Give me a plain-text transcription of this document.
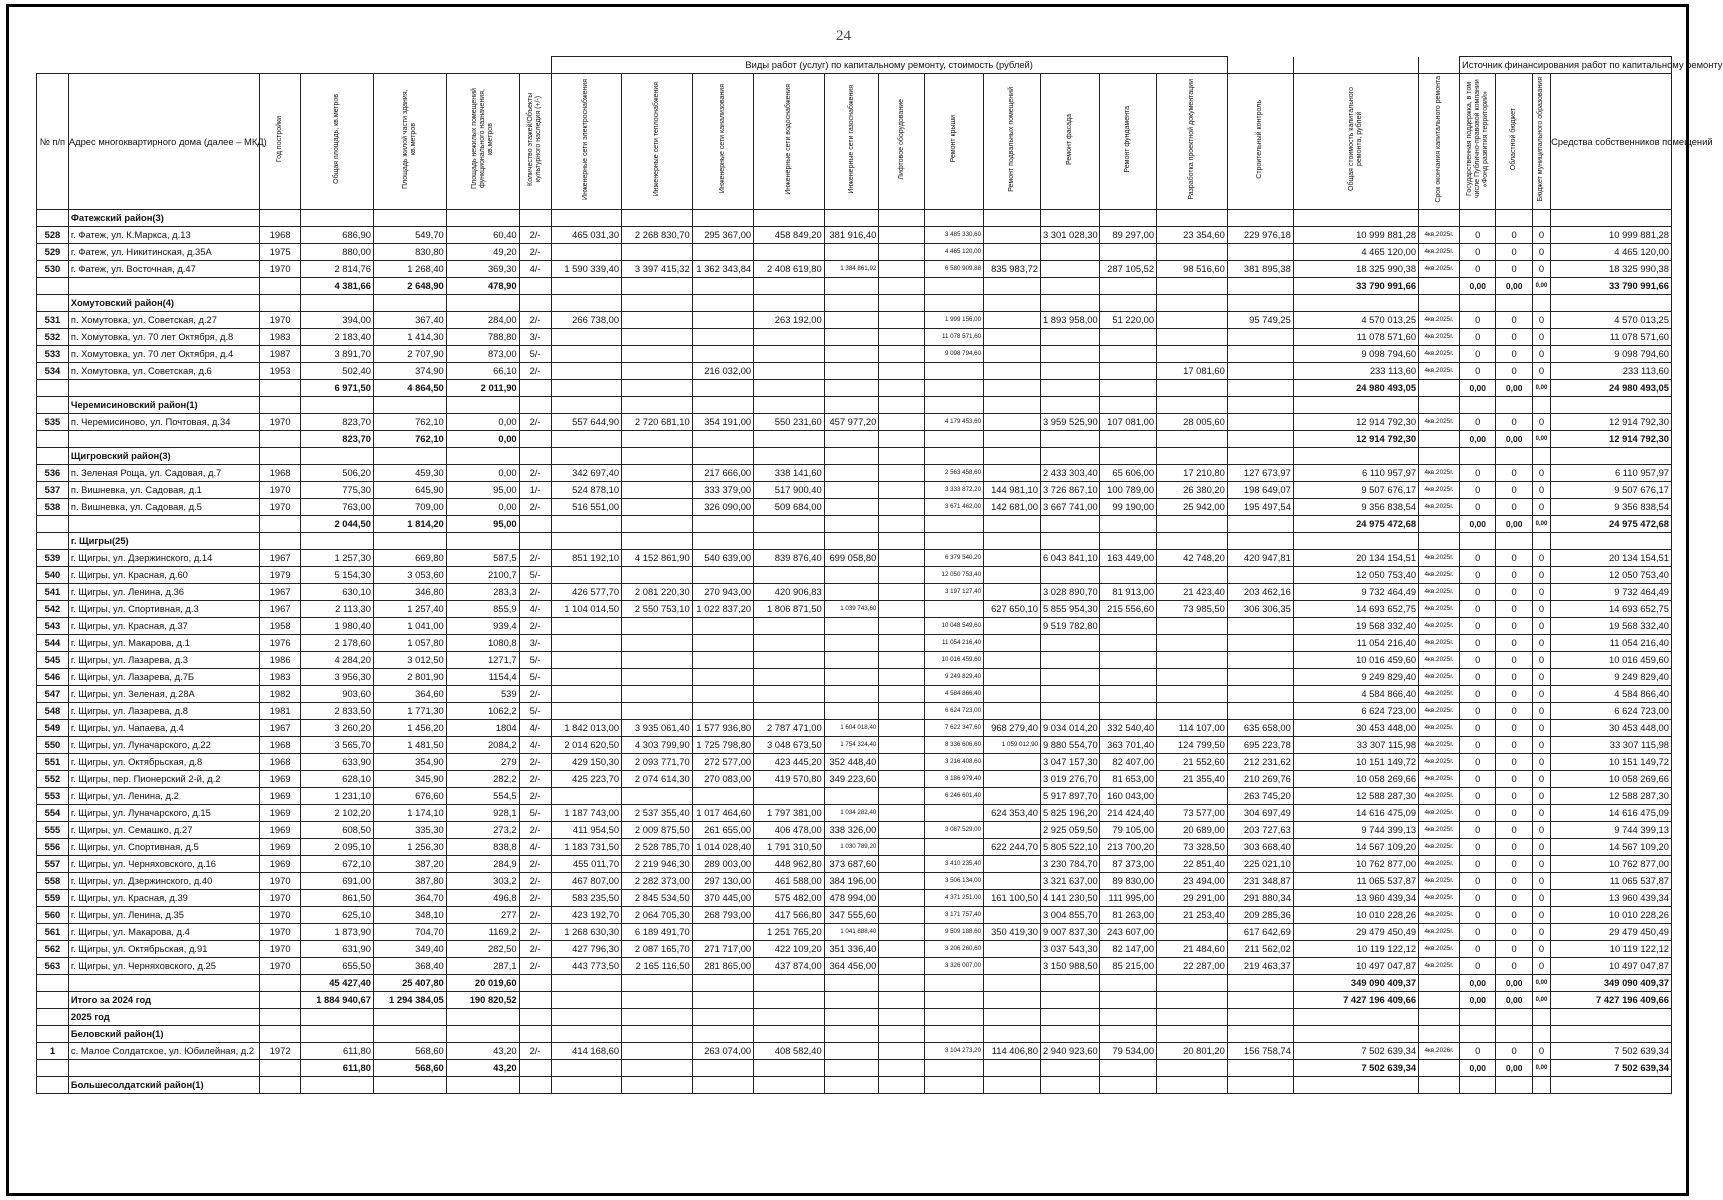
24
							Виды работ (услуг) по капитальному ремонту, стоимость (рублей)														Источник финансирования работ по капитальному ремонту			
№ п/п	Адрес многоквартирного дома (далее – МКД)	Год постройки	Общая площадь, кв.метров	Площадь жилой части здания, кв.метров	Площадь нежилых помещений функционального назначения, кв.метров	Количество этажей/Объекты культурного наследия (+/-)	Инженерные сети электроснабжения	Инженерные сети теплоснабжения	Инженерные сети канализования	Инженерные сети водоснабжения	Инженерные сети газоснабжения	Лифтовое оборудование	Ремонт крыши	Ремонт подвальных помещений	Ремонт фасада	Ремонт фундамента	Разработка проектной документации	Строительный контроль	Общая стоимость капитального ремонта, рублей	Срок окончания капитального ремонта	Государственная поддержка, в том числе Публично-правовой компании «Фонд развития территорий»	Областной бюджет	Бюджет муниципального образования	Средства собственников помещений
	Фатежский район(3)																							
528	г. Фатеж, ул. К.Маркса, д.13	1968	686,90	549,70	60,40	2/-	465 031,30	2 268 830,70	295 367,00	458 849,20	381 916,40		3 485 330,60		3 301 028,30	89 297,00	23 354,60	229 976,18	10 999 881,28	4кв.2025г.	0	0	0	10 999 881,28
529	г. Фатеж, ул. Никитинская, д.35А	1975	880,00	830,80	49,20	2/-							4 465 120,00						4 465 120,00	4кв.2025г.	0	0	0	4 465 120,00
530	г. Фатеж, ул. Восточная, д.47	1970	2 814,76	1 268,40	369,30	4/-	1 590 339,40	3 397 415,32	1 362 343,84	2 408 619,80	1 384 861,92		6 580 909,88	835 983,72		287 105,52	98 516,60	381 895,38	18 325 990,38	4кв.2025г.	0	0	0	18 325 990,38
			4 381,66	2 648,90	478,90														33 790 991,66		0,00	0,00	0,00	33 790 991,66
	Хомутовский район(4)																							
531	п. Хомутовка, ул. Советская, д.27	1970	394,00	367,40	284,00	2/-	266 738,00			263 192,00			1 999 156,00		1 893 958,00	51 220,00		95 749,25	4 570 013,25	4кв.2025г.	0	0	0	4 570 013,25
532	п. Хомутовка, ул. 70 лет Октября, д.8	1983	2 183,40	1 414,30	788,80	3/-							11 078 571,60						11 078 571,60	4кв.2025г.	0	0	0	11 078 571,60
533	п. Хомутовка, ул. 70 лет Октября, д.4	1987	3 891,70	2 707,90	873,00	5/-							9 098 794,60						9 098 794,60	4кв.2025г.	0	0	0	9 098 794,60
534	п. Хомутовка, ул. Советская, д.6	1953	502,40	374,90	66,10	2/-			216 032,00								17 081,60		233 113,60	4кв.2025г.	0	0	0	233 113,60
			6 971,50	4 864,50	2 011,90														24 980 493,05		0,00	0,00	0,00	24 980 493,05
	Черемисиновский район(1)																							
535	п. Черемисиново, ул. Почтовая, д.34	1970	823,70	762,10	0,00	2/-	557 644,90	2 720 681,10	354 191,00	550 231,60	457 977,20		4 179 453,60		3 959 525,90	107 081,00	28 005,60		12 914 792,30	4кв.2025г.	0	0	0	12 914 792,30
			823,70	762,10	0,00														12 914 792,30		0,00	0,00	0,00	12 914 792,30
	Щигровский район(3)																							
536	п. Зеленая Роща, ул. Садовая, д.7	1968	506,20	459,30	0,00	2/-	342 697,40		217 666,00	338 141,60			2 563 458,60		2 433 303,40	65 606,00	17 210,80	127 673,97	6 110 957,97	4кв.2025г.	0	0	0	6 110 957,97
537	п. Вишневка, ул. Садовая, д.1	1970	775,30	645,90	95,00	1/-	524 878,10		333 379,00	517 900,40			3 333 872,20	144 981,10	3 726 867,10	100 789,00	26 380,20	198 649,07	9 507 676,17	4кв.2025г.	0	0	0	9 507 676,17
538	п. Вишневка, ул. Садовая, д.5	1970	763,00	709,00	0,00	2/-	516 551,00		326 090,00	509 684,00			3 671 462,00	142 681,00	3 667 741,00	99 190,00	25 942,00	195 497,54	9 356 838,54	4кв.2025г.	0	0	0	9 356 838,54
			2 044,50	1 814,20	95,00														24 975 472,68		0,00	0,00	0,00	24 975 472,68
	г. Щигры(25)																							
539	г. Щигры, ул. Дзержинского, д.14	1967	1 257,30	669,80	587,5	2/-	851 192,10	4 152 861,90	540 639,00	839 876,40	699 058,80		6 379 540,20		6 043 841,10	163 449,00	42 748,20	420 947,81	20 134 154,51	4кв.2025г.	0	0	0	20 134 154,51
540	г. Щигры, ул. Красная, д.60	1979	5 154,30	3 053,60	2100,7	5/-							12 050 753,40						12 050 753,40	4кв.2025г.	0	0	0	12 050 753,40
541	г. Щигры, ул. Ленина, д.36	1967	630,10	346,80	283,3	2/-	426 577,70	2 081 220,30	270 943,00	420 906,83			3 197 127,40		3 028 890,70	81 913,00	21 423,40	203 462,16	9 732 464,49	4кв.2025г.	0	0	0	9 732 464,49
542	г. Щигры, ул. Спортивная, д.3	1967	2 113,30	1 257,40	855,9	4/-	1 104 014,50	2 550 753,10	1 022 837,20	1 806 871,50	1 039 743,60			627 650,10	5 855 954,30	215 556,60	73 985,50	306 306,35	14 693 652,75	4кв.2025г.	0	0	0	14 693 652,75
543	г. Щигры, ул. Красная, д.37	1958	1 980,40	1 041,00	939,4	2/-							10 048 549,60		9 519 782,80				19 568 332,40	4кв.2025г.	0	0	0	19 568 332,40
544	г. Щигры, ул. Макарова, д.1	1976	2 178,60	1 057,80	1080,8	3/-							11 054 216,40						11 054 216,40	4кв.2025г.	0	0	0	11 054 216,40
545	г. Щигры, ул. Лазарева, д.3	1986	4 284,20	3 012,50	1271,7	5/-							10 016 459,60						10 016 459,60	4кв.2025г.	0	0	0	10 016 459,60
546	г. Щигры, ул. Лазарева, д.7Б	1983	3 956,30	2 801,90	1154,4	5/-							9 249 829,40						9 249 829,40	4кв.2025г.	0	0	0	9 249 829,40
547	г. Щигры, ул. Зеленая, д.28А	1982	903,60	364,60	539	2/-							4 584 866,40						4 584 866,40	4кв.2025г.	0	0	0	4 584 866,40
548	г. Щигры, ул. Лазарева, д.8	1981	2 833,50	1 771,30	1062,2	5/-							6 624 723,00						6 624 723,00	4кв.2025г.	0	0	0	6 624 723,00
549	г. Щигры, ул. Чапаева, д.4	1967	3 260,20	1 456,20	1804	4/-	1 842 013,00	3 935 061,40	1 577 936,80	2 787 471,00	1 604 018,40		7 622 347,60	968 279,40	9 034 014,20	332 540,40	114 107,00	635 658,00	30 453 448,00	4кв.2025г.	0	0	0	30 453 448,00
550	г. Щигры, ул. Луначарского, д.22	1968	3 565,70	1 481,50	2084,2	4/-	2 014 620,50	4 303 799,90	1 725 798,80	3 048 673,50	1 754 324,40		8 336 606,60	1 059 012,90	9 880 554,70	363 701,40	124 799,50	695 223,78	33 307 115,98	4кв.2025г.	0	0	0	33 307 115,98
551	г. Щигры, ул. Октябрьская, д.8	1968	633,90	354,90	279	2/-	429 150,30	2 093 771,70	272 577,00	423 445,20	352 448,40		3 216 408,60		3 047 157,30	82 407,00	21 552,60	212 231,62	10 151 149,72	4кв.2025г.	0	0	0	10 151 149,72
552	г. Щигры, пер. Пионерский 2-й, д.2	1969	628,10	345,90	282,2	2/-	425 223,70	2 074 614,30	270 083,00	419 570,80	349 223,60		3 186 979,40		3 019 276,70	81 653,00	21 355,40	210 269,76	10 058 269,66	4кв.2025г.	0	0	0	10 058 269,66
553	г. Щигры, ул. Ленина, д.2	1969	1 231,10	676,60	554,5	2/-							6 246 601,40		5 917 897,70	160 043,00		263 745,20	12 588 287,30	4кв.2025г.	0	0	0	12 588 287,30
554	г. Щигры, ул. Луначарского, д.15	1969	2 102,20	1 174,10	928,1	5/-	1 187 743,00	2 537 355,40	1 017 464,60	1 797 381,00	1 034 282,40			624 353,40	5 825 196,20	214 424,40	73 577,00	304 697,49	14 616 475,09	4кв.2025г.	0	0	0	14 616 475,09
555	г. Щигры, ул. Семашко, д.27	1969	608,50	335,30	273,2	2/-	411 954,50	2 009 875,50	261 655,00	406 478,00	338 326,00		3 087 529,00		2 925 059,50	79 105,00	20 689,00	203 727,63	9 744 399,13	4кв.2025г.	0	0	0	9 744 399,13
556	г. Щигры, ул. Спортивная, д.5	1969	2 095,10	1 256,30	838,8	4/-	1 183 731,50	2 528 785,70	1 014 028,40	1 791 310,50	1 030 789,20			622 244,70	5 805 522,10	213 700,20	73 328,50	303 668,40	14 567 109,20	4кв.2025г.	0	0	0	14 567 109,20
557	г. Щигры, ул. Черняховского, д.16	1969	672,10	387,20	284,9	2/-	455 011,70	2 219 946,30	289 003,00	448 962,80	373 687,60		3 410 235,40		3 230 784,70	87 373,00	22 851,40	225 021,10	10 762 877,00	4кв.2025г.	0	0	0	10 762 877,00
558	г. Щигры, ул. Дзержинского, д.40	1970	691,00	387,80	303,2	2/-	467 807,00	2 282 373,00	297 130,00	461 588,00	384 196,00		3 506 134,00		3 321 637,00	89 830,00	23 494,00	231 348,87	11 065 537,87	4кв.2025г.	0	0	0	11 065 537,87
559	г. Щигры, ул. Красная, д.39	1970	861,50	364,70	496,8	2/-	583 235,50	2 845 534,50	370 445,00	575 482,00	478 994,00		4 371 251,00	161 100,50	4 141 230,50	111 995,00	29 291,00	291 880,34	13 960 439,34	4кв.2025г.	0	0	0	13 960 439,34
560	г. Щигры, ул. Ленина, д.35	1970	625,10	348,10	277	2/-	423 192,70	2 064 705,30	268 793,00	417 566,80	347 555,60		3 171 757,40		3 004 855,70	81 263,00	21 253,40	209 285,36	10 010 228,26	4кв.2025г.	0	0	0	10 010 228,26
561	г. Щигры, ул. Макарова, д.4	1970	1 873,90	704,70	1169,2	2/-	1 268 630,30	6 189 491,70		1 251 765,20	1 041 888,40		9 509 188,60	350 419,30	9 007 837,30	243 607,00		617 642,69	29 479 450,49	4кв.2025г.	0	0	0	29 479 450,49
562	г. Щигры, ул. Октябрьская, д.91	1970	631,90	349,40	282,50	2/-	427 796,30	2 087 165,70	271 717,00	422 109,20	351 336,40		3 206 260,60		3 037 543,30	82 147,00	21 484,60	211 562,02	10 119 122,12	4кв.2025г.	0	0	0	10 119 122,12
563	г. Щигры, ул. Черняховского, д.25	1970	655,50	368,40	287,1	2/-	443 773,50	2 165 116,50	281 865,00	437 874,00	364 456,00		3 326 007,00		3 150 988,50	85 215,00	22 287,00	219 463,37	10 497 047,87	4кв.2025г.	0	0	0	10 497 047,87
			45 427,40	25 407,80	20 019,60														349 090 409,37		0,00	0,00	0,00	349 090 409,37
	Итого за 2024 год		1 884 940,67	1 294 384,05	190 820,52														7 427 196 409,66		0,00	0,00	0,00	7 427 196 409,66
	2025 год																							
	Беловский район(1)																							
1	с. Малое Солдатское, ул. Юбилейная, д.2	1972	611,80	568,60	43,20	2/-	414 168,60		263 074,00	408 582,40			3 104 273,20	114 406,80	2 940 923,60	79 534,00	20 801,20	156 758,74	7 502 639,34	4кв.2026г.	0	0	0	7 502 639,34
			611,80	568,60	43,20														7 502 639,34		0,00	0,00	0,00	7 502 639,34
	Большесолдатский район(1)																							
